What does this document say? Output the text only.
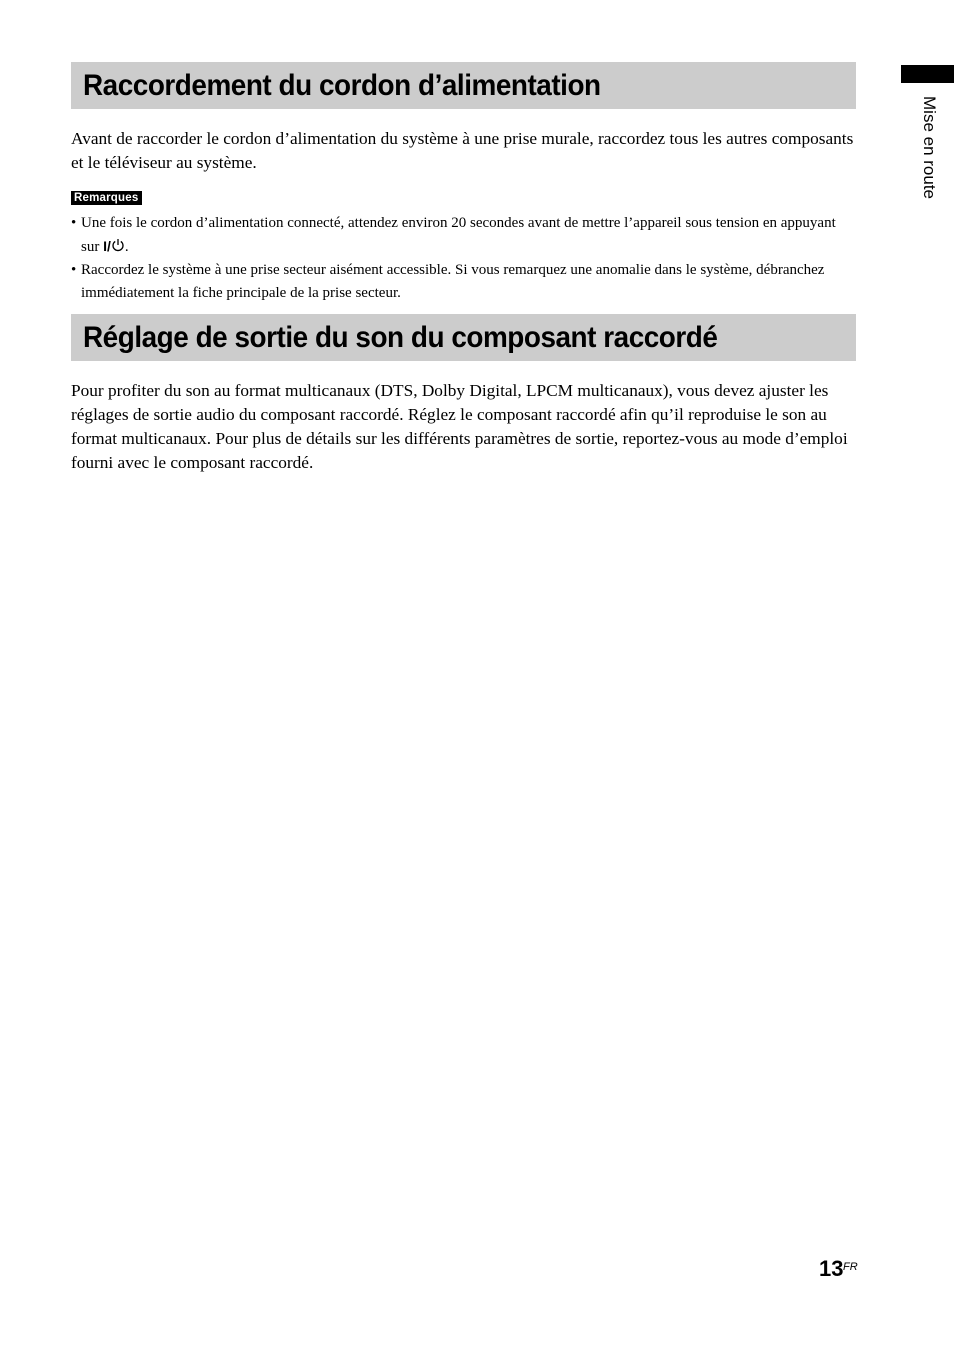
Mise en route
Raccordement du cordon d’alimentation

Avant de raccorder le cordon d’alimentation du système à une prise murale, raccordez tous les autres composants et le téléviseur au système.

Remarques
• Une fois le cordon d’alimentation connecté, attendez environ 20 secondes avant de mettre l’appareil sous tension en appuyant sur I/ .
• Raccordez le système à une prise secteur aisément accessible. Si vous remarquez une anomalie dans le système, débranchez immédiatement la fiche principale de la prise secteur.
Réglage de sortie du son du composant raccordé

Pour profiter du son au format multicanaux (DTS, Dolby Digital, LPCM multicanaux), vous devez ajuster les réglages de sortie audio du composant raccordé. Réglez le composant raccordé afin qu’il reproduise le son au format multicanaux. Pour plus de détails sur les différents paramètres de sortie, reportez-vous au mode d’emploi fourni avec le composant raccordé.

13 FR
